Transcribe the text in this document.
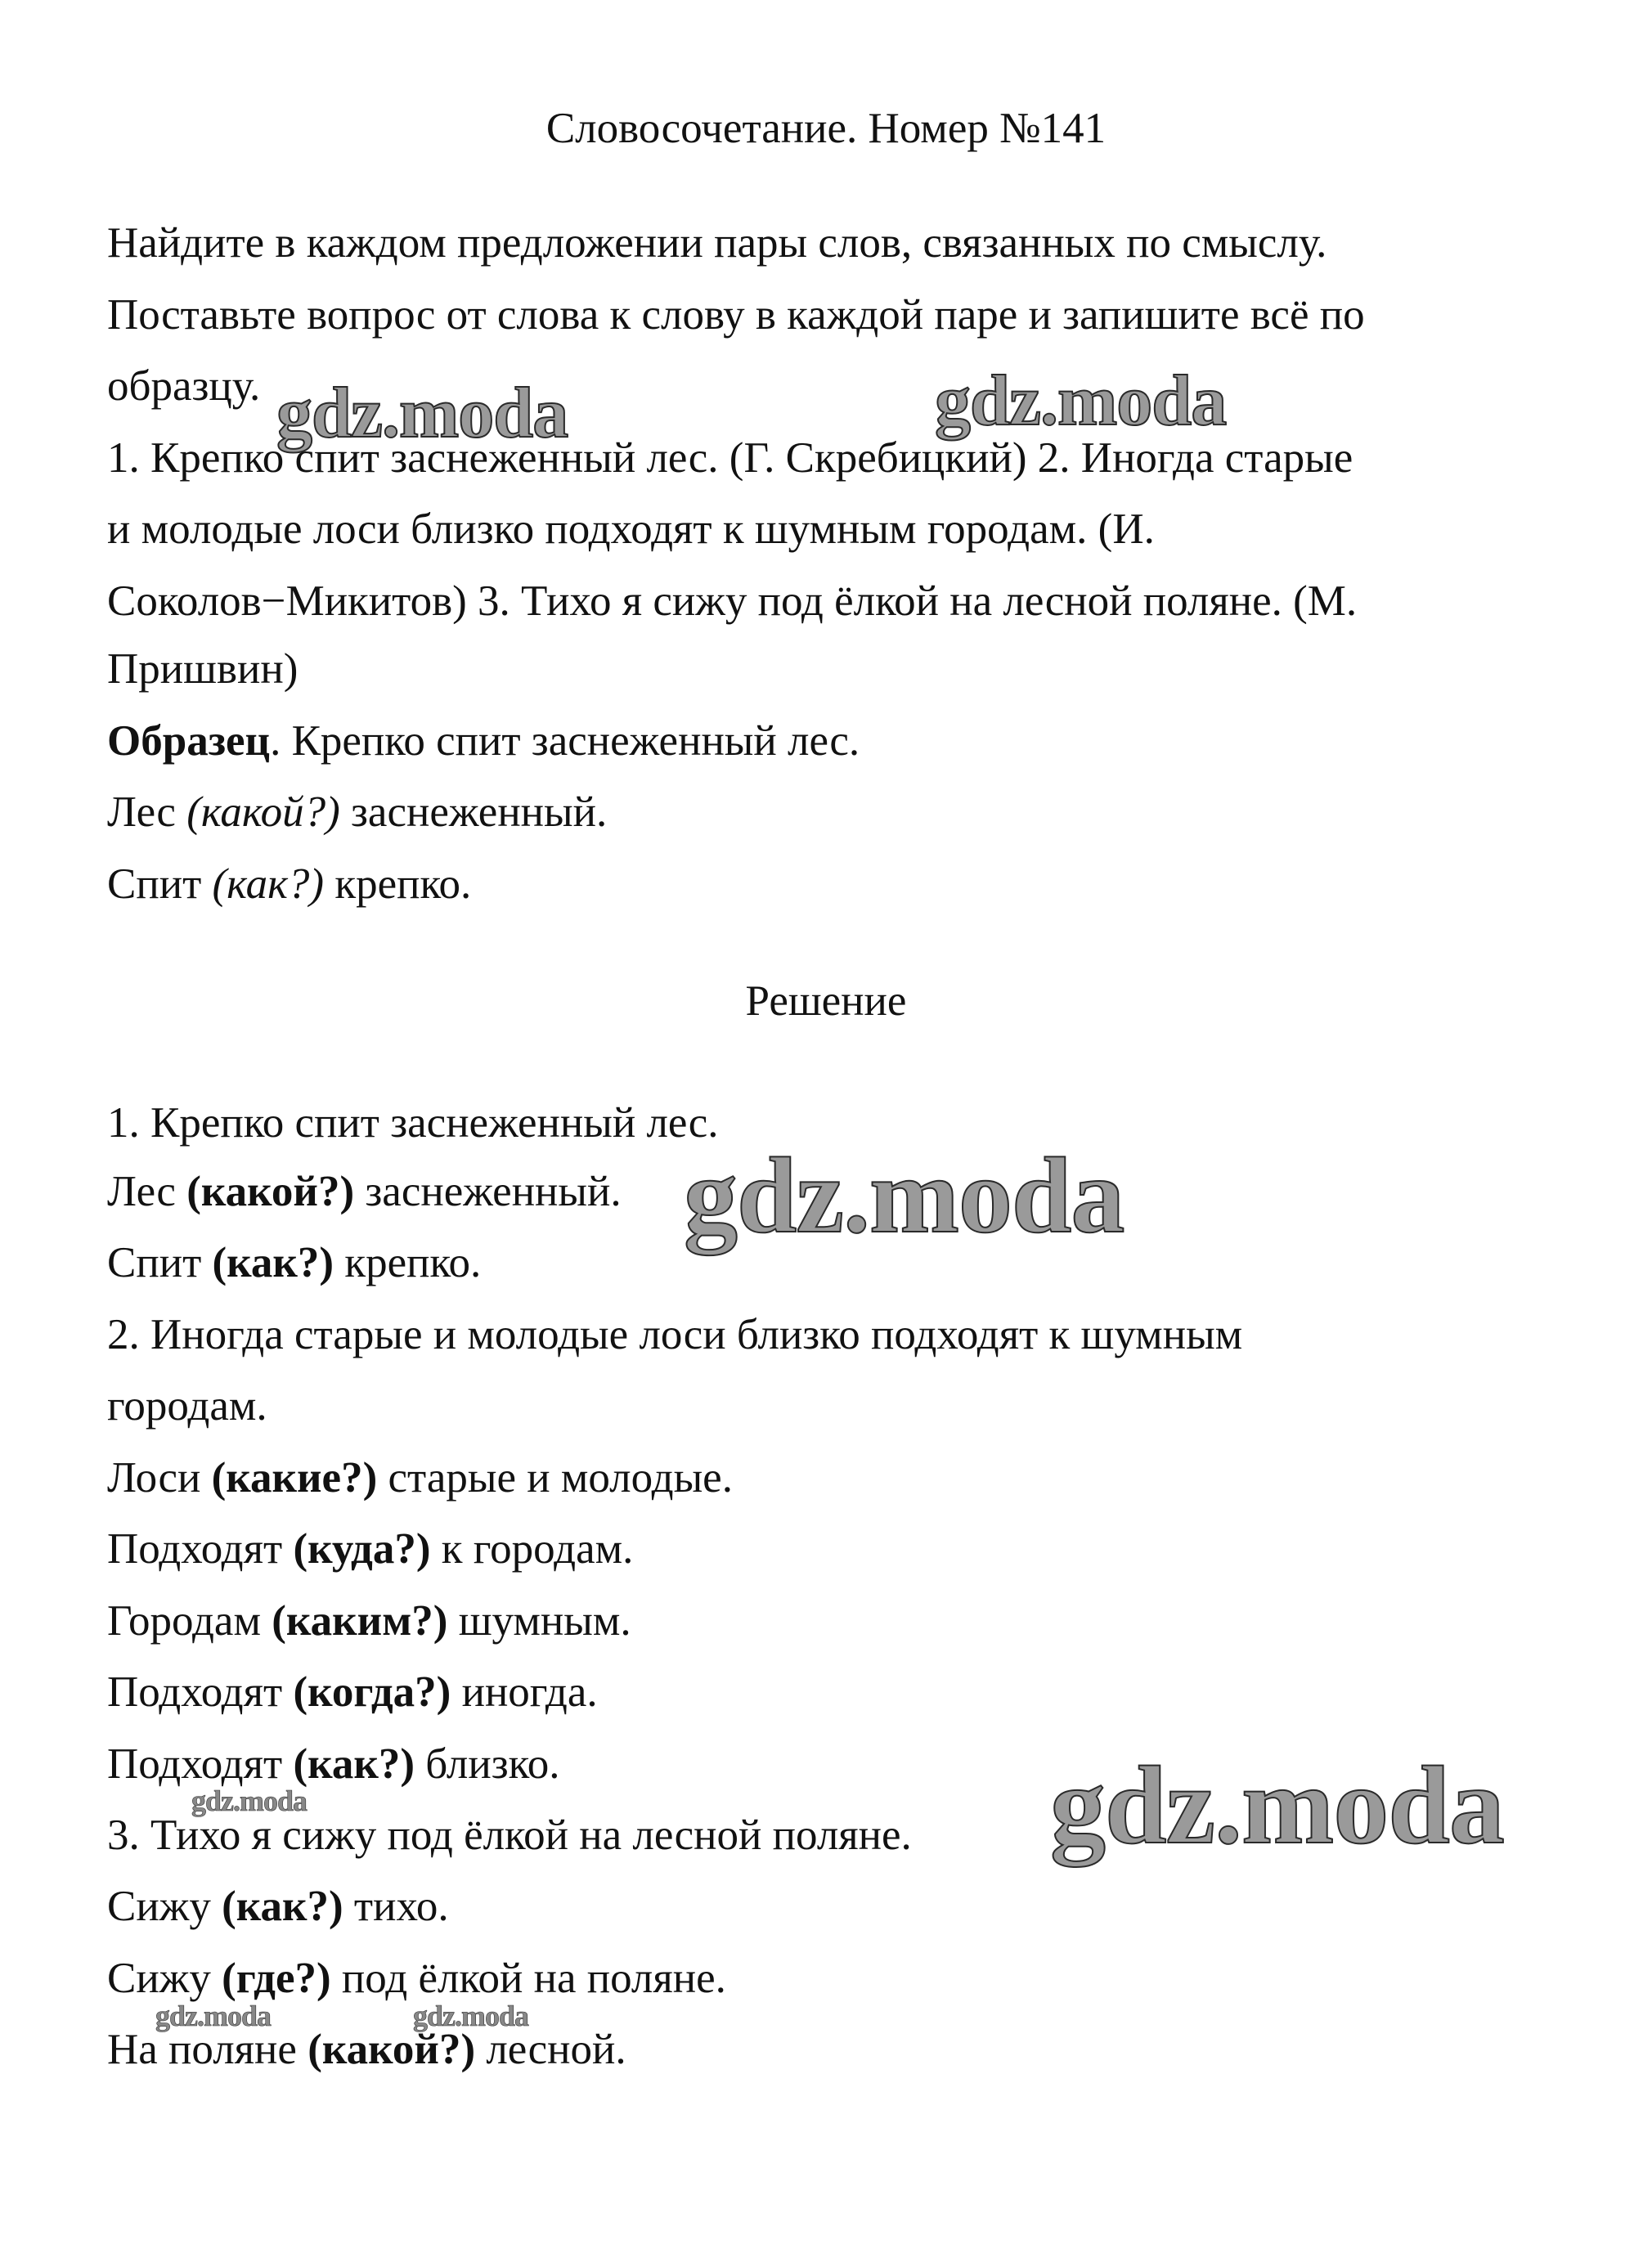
Словосочетание. Номер №141
Найдите в каждом предложении пары слов, связанных по смыслу.
Поставьте вопрос от слова к слову в каждой паре и запишите всё по
образцу.
1. Крепко спит заснеженный лес. (Г. Скребицкий) 2. Иногда старые
и молодые лоси близко подходят к шумным городам. (И.
Соколов−Микитов) 3. Тихо я сижу под ёлкой на лесной поляне. (М.
Пришвин)
Образец. Крепко спит заснеженный лес.
Лес (какой?) заснеженный.
Спит (как?) крепко.
Решение
1. Крепко спит заснеженный лес.
Лес (какой?) заснеженный.
Спит (как?) крепко.
2. Иногда старые и молодые лоси близко подходят к шумным
городам.
Лоси (какие?) старые и молодые.
Подходят (куда?) к городам.
Городам (каким?) шумным.
Подходят (когда?) иногда.
Подходят (как?) близко.
3. Тихо я сижу под ёлкой на лесной поляне.
Сижу (как?) тихо.
Сижу (где?) под ёлкой на поляне.
На поляне (какой?) лесной.
gdz.moda	gdz.moda
gdz.moda
gdz.moda
gdz.moda
gdz.moda	gdz.moda
